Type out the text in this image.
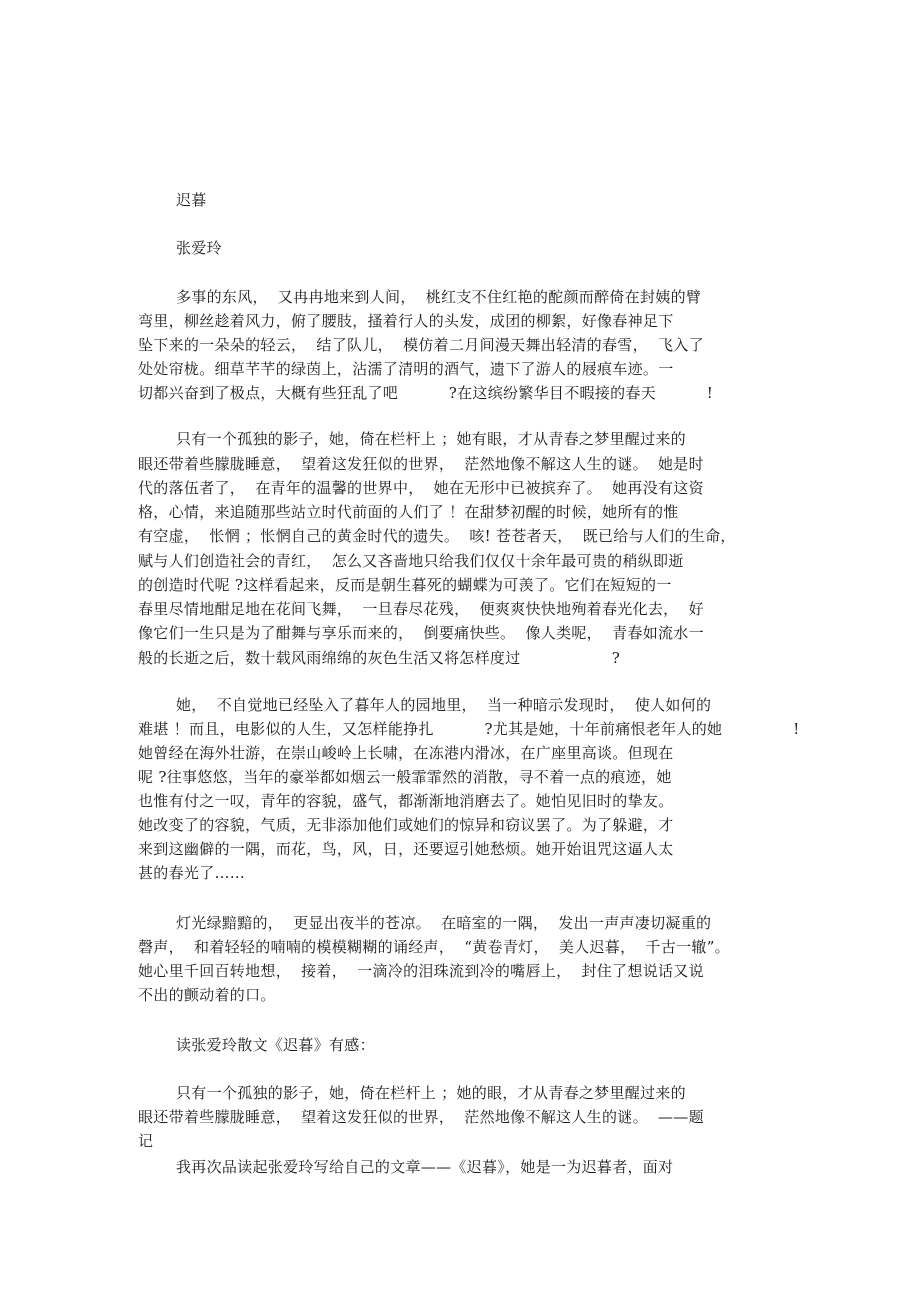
迟暮
张爱玲
多事的东风，  又冉冉地来到人间，  桃红支不住红艳的酡颜而醉倚在封姨的臂
弯里，柳丝趁着风力，俯了腰肢，搔着行人的头发，成团的柳絮，好像春神足下
坠下来的一朵朵的轻云，  结了队儿，  模仿着二月间漫天舞出轻清的春雪，  飞入了
处处帘栊。细草芊芊的绿茵上，沾濡了清明的酒气，遗下了游人的屐痕车迹。一
切都兴奋到了极点，大概有些狂乱了吧          ?在这缤纷繁华目不暇接的春天          !
只有一个孤独的影子，她，倚在栏杆上 ；她有眼，才从青春之梦里醒过来的
眼还带着些朦胧睡意，  望着这发狂似的世界，  茫然地像不解这人生的谜。  她是时
代的落伍者了，  在青年的温馨的世界中，  她在无形中已被摈弃了。  她再没有这资
格，心情，来追随那些站立时代前面的人们了 ！在甜梦初醒的时候，她所有的惟
有空虚，  怅惘 ；怅惘自己的黄金时代的遗失。  咳! 苍苍者天，  既已给与人们的生命，
赋与人们创造社会的青红，  怎么又吝啬地只给我们仅仅十余年最可贵的稍纵即逝
的创造时代呢 ?这样看起来，反而是朝生暮死的蝴蝶为可羡了。它们在短短的一
春里尽情地酣足地在花间飞舞，  一旦春尽花残，  便爽爽快快地殉着春光化去，  好
像它们一生只是为了酣舞与享乐而来的，  倒要痛快些。  像人类呢，  青春如流水一
般的长逝之后，数十载风雨绵绵的灰色生活又将怎样度过                  ?
她，  不自觉地已经坠入了暮年人的园地里，  当一种暗示发现时，  使人如何的
难堪 ！而且，电影似的人生，又怎样能挣扎          ?尤其是她，十年前痛恨老年人的她              !
她曾经在海外壮游，在崇山峻岭上长啸，在冻港内滑冰，在广座里高谈。但现在
呢 ?往事悠悠，当年的豪举都如烟云一般霏霏然的消散，寻不着一点的痕迹，她
也惟有付之一叹，青年的容貌，盛气，都渐渐地消磨去了。她怕见旧时的挚友。
她改变了的容貌，气质，无非添加他们或她们的惊异和窃议罢了。为了躲避，才
来到这幽僻的一隅，而花，鸟，风，日，还要逗引她愁烦。她开始诅咒这逼人太
甚的春光了……
灯光绿黯黯的，  更显出夜半的苍凉。  在暗室的一隅，  发出一声声凄切凝重的
磬声，  和着轻轻的喃喃的模模糊糊的诵经声，  “黄卷青灯，  美人迟暮，  千古一辙”。
她心里千回百转地想，  接着，  一滴冷的泪珠流到冷的嘴唇上，  封住了想说话又说
不出的颤动着的口。
读张爱玲散文《迟暮》有感：
只有一个孤独的影子，她，倚在栏杆上 ；她的眼，才从青春之梦里醒过来的
眼还带着些朦胧睡意，  望着这发狂似的世界，  茫然地像不解这人生的谜。  ——题
记
我再次品读起张爱玲写给自己的文章——《迟暮》，她是一为迟暮者，面对
